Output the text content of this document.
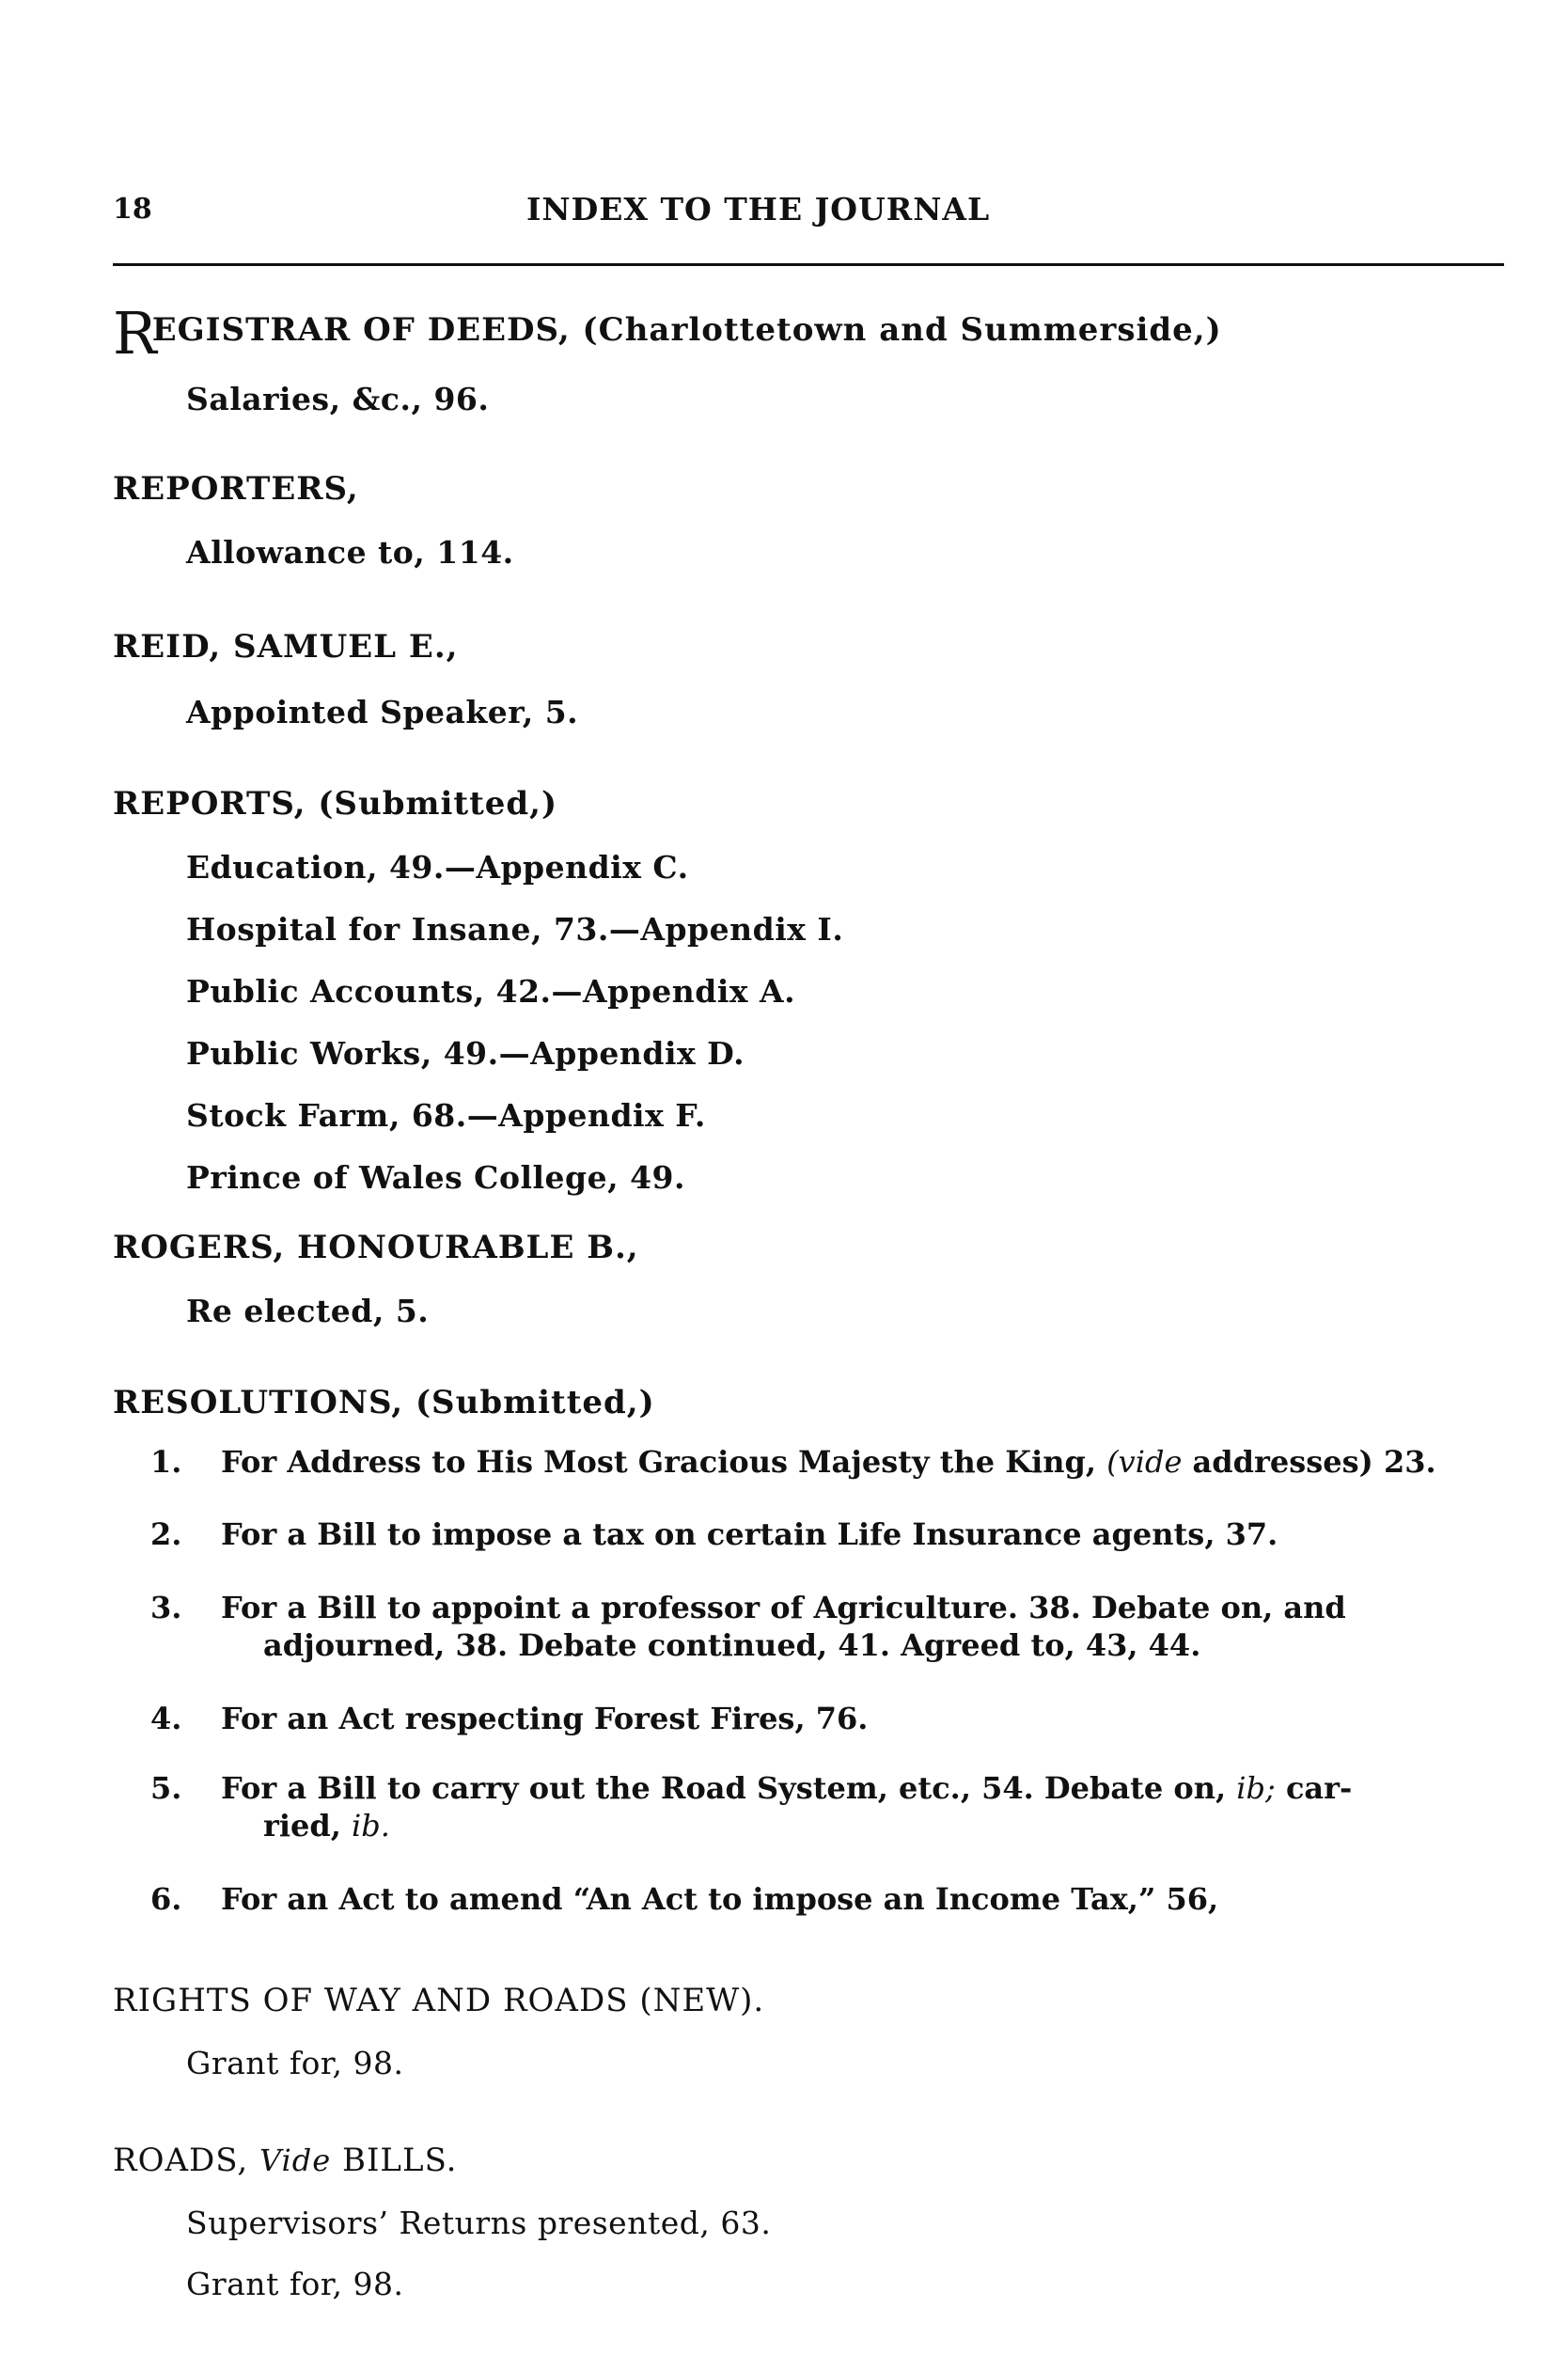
18	INDEX TO THE JOURNAL
REGISTRAR OF DEEDS, (Charlottetown and Summerside,)
Salaries, &c., 96.
REPORTERS,
Allowance to, 114.
REID, SAMUEL E.,
Appointed Speaker, 5.
REPORTS, (Submitted,)
Education, 49.—Appendix C.
Hospital for Insane, 73.—Appendix I.
Public Accounts, 42.—Appendix A.
Public Works, 49.—Appendix D.
Stock Farm, 68.—Appendix F.
Prince of Wales College, 49.
ROGERS, HONOURABLE B.,
Re elected, 5.
RESOLUTIONS, (Submitted,)
1.	For Address to His Most Gracious Majesty the King, (vide addresses) 23.
2.	For a Bill to impose a tax on certain Life Insurance agents, 37.
3.	For a Bill to appoint a professor of Agriculture. 38. Debate on, and
adjourned, 38. Debate continued, 41. Agreed to, 43, 44.
4.	For an Act respecting Forest Fires, 76.
5.	For a Bill to carry out the Road System, etc., 54. Debate on, ib; car-
ried, ib.
6.	For an Act to amend “An Act to impose an Income Tax,” 56,
RIGHTS OF WAY AND ROADS (NEW).
Grant for, 98.
ROADS, Vide BILLS.
Supervisors’ Returns presented, 63.
Grant for, 98.
